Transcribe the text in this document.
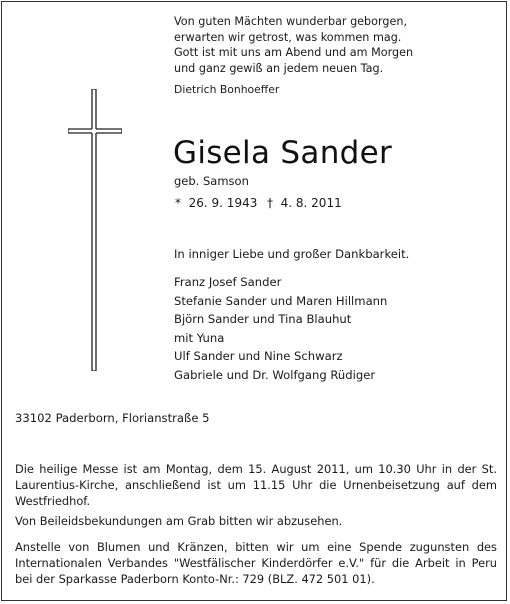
Von guten Mächten wunderbar geborgen,
erwarten wir getrost, was kommen mag.
Gott ist mit uns am Abend und am Morgen
und ganz gewiß an jedem neuen Tag.
Dietrich Bonhoeffer
Gisela Sander
geb. Samson
* 26. 9. 1943 † 4. 8. 2011
In inniger Liebe und großer Dankbarkeit.
Franz Josef Sander
Stefanie Sander und Maren Hillmann
Björn Sander und Tina Blauhut
mit Yuna
Ulf Sander und Nine Schwarz
Gabriele und Dr. Wolfgang Rüdiger
33102 Paderborn, Florianstraße 5
Die heilige Messe ist am Montag, dem 15. August 2011, um 10.30 Uhr in der St. Laurentius-Kirche, anschließend ist um 11.15 Uhr die Urnenbeisetzung auf dem Westfriedhof.
Von Beileidsbekundungen am Grab bitten wir abzusehen.
Anstelle von Blumen und Kränzen, bitten wir um eine Spende zugunsten des Internationalen Verbandes "Westfälischer Kinderdörfer e.V." für die Arbeit in Peru bei der Sparkasse Paderborn Konto-Nr.: 729 (BLZ. 472 501 01).
